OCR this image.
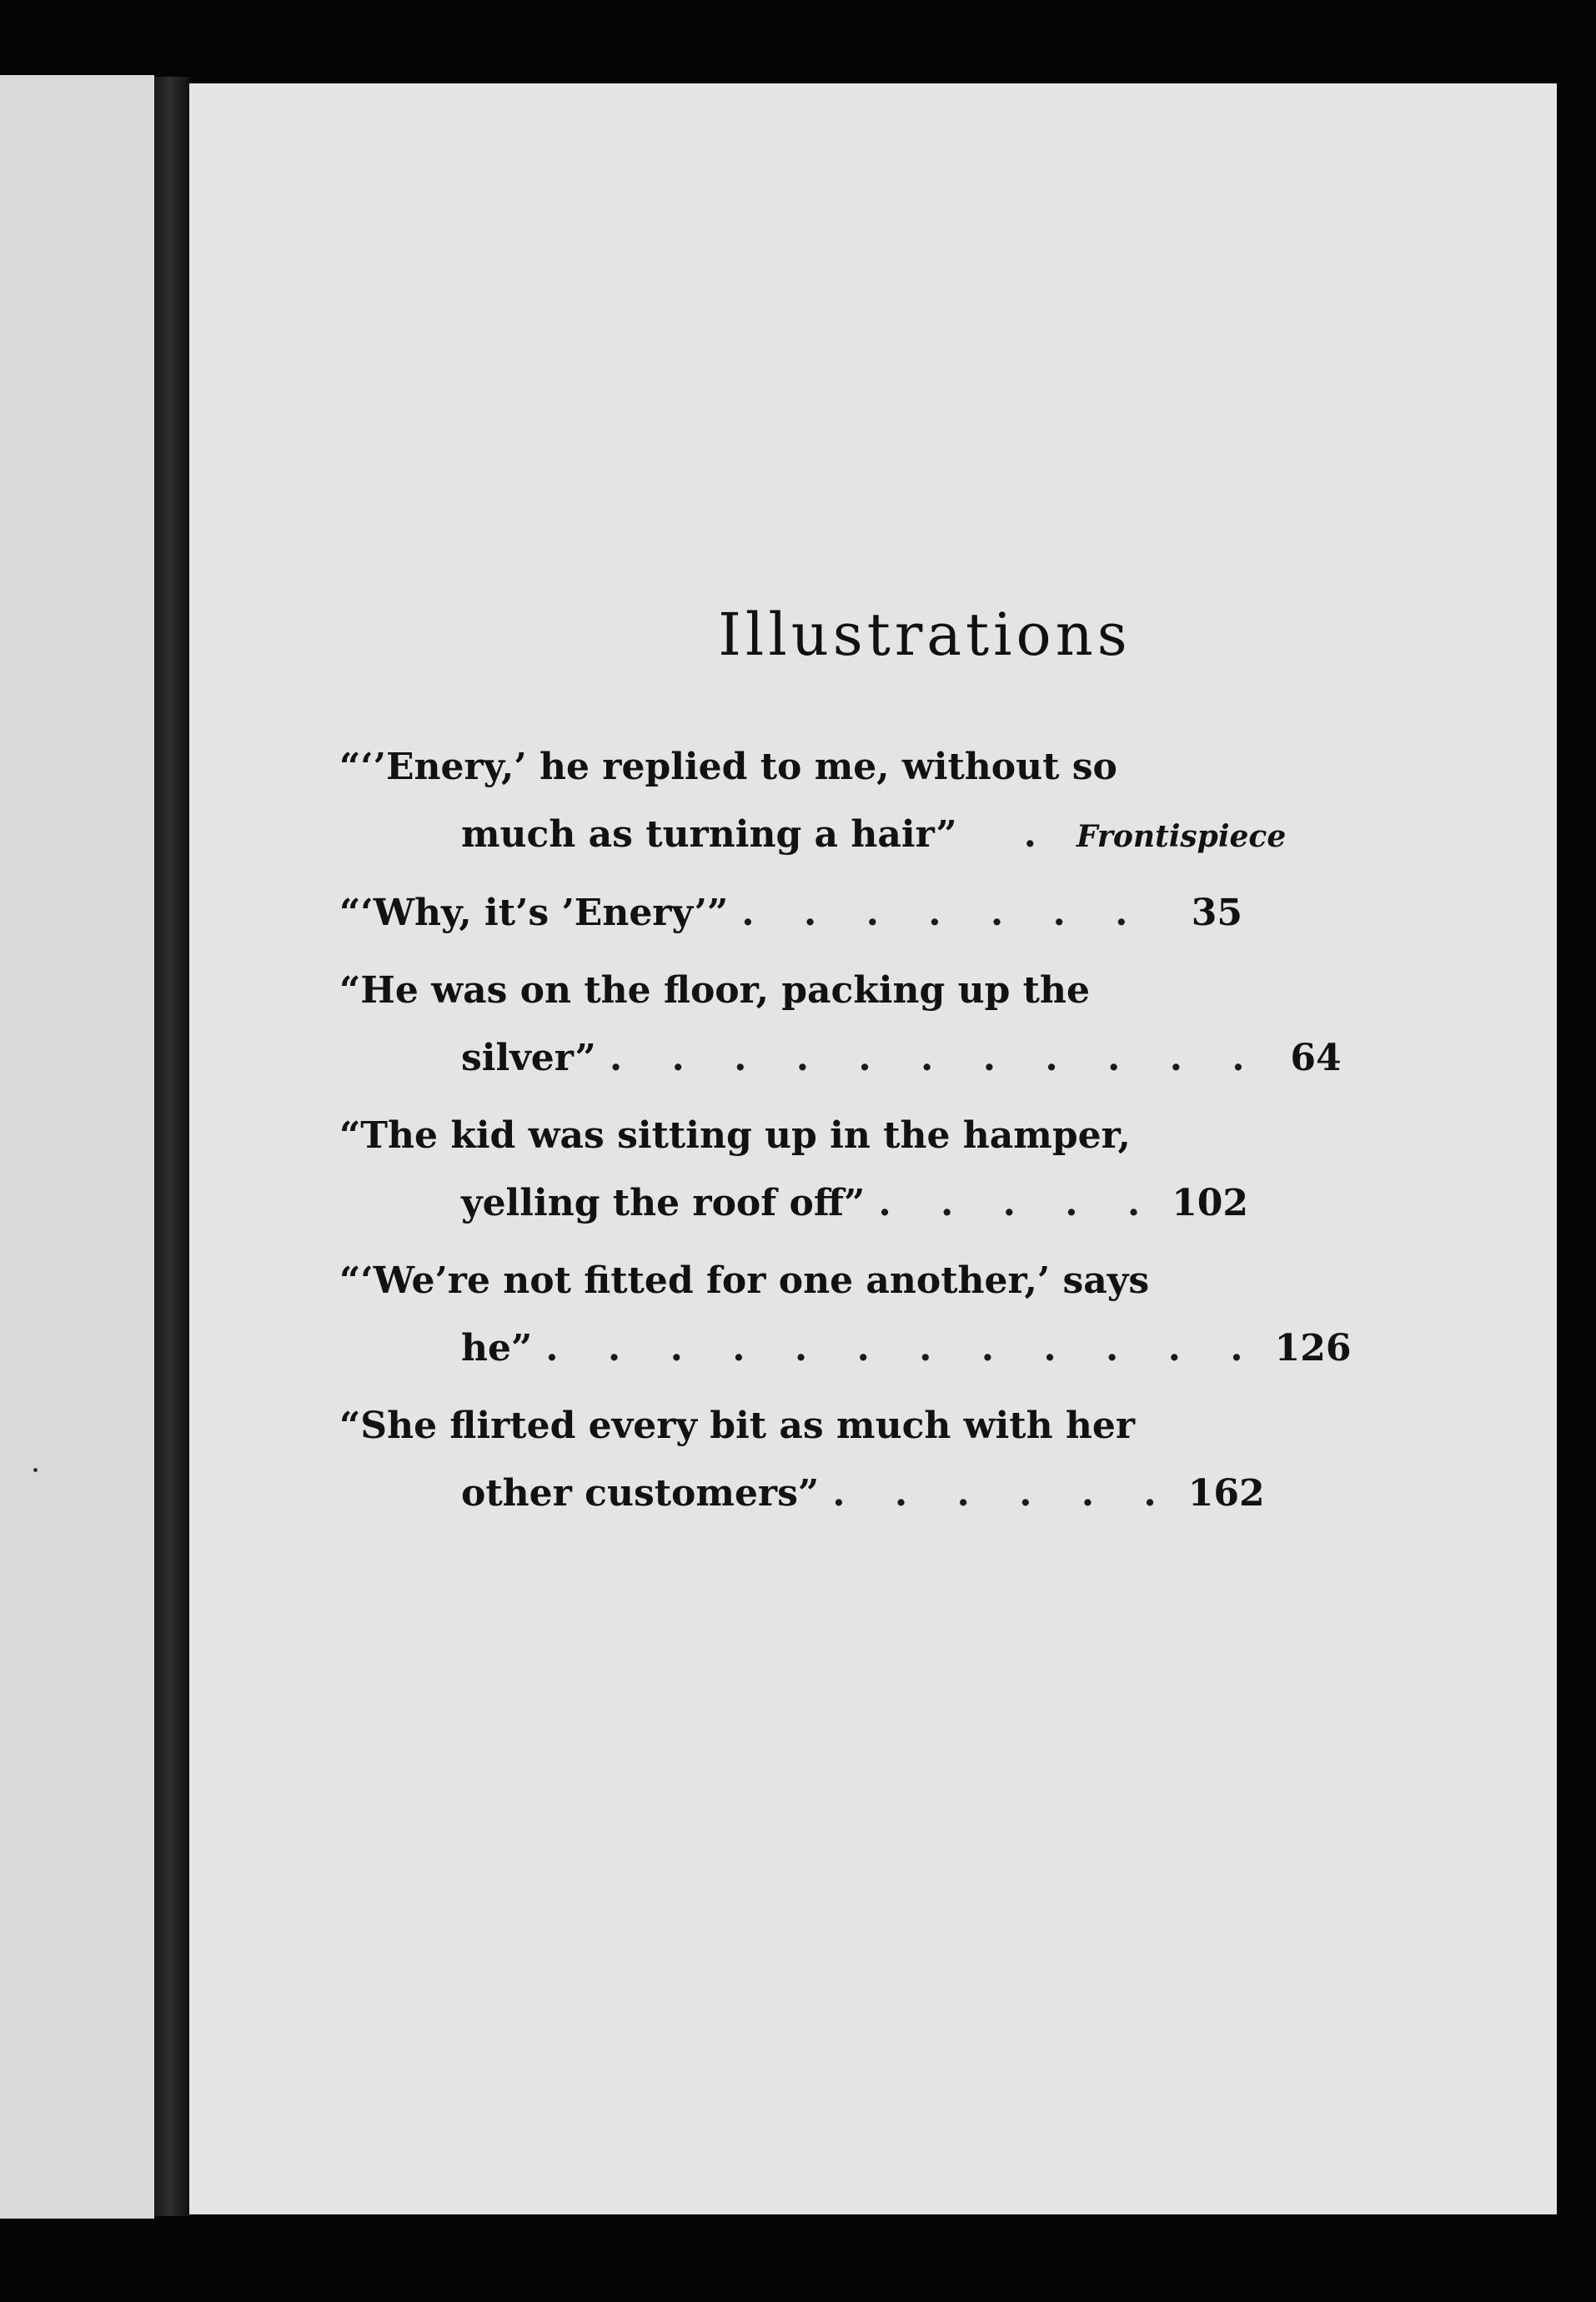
Illustrations
“‘’Enery,’ he replied to me, without so
much as turning a hair” . Frontispiece
“‘Why, it’s ’Enery’” . . . . . . .	35
“He was on the floor, packing up the
silver” . . . . . . . . . . . 64
“The kid was sitting up in the hamper,
yelling the roof off” . . . . . 102
“‘We’re not fitted for one another,’ says
he” . . . . . . . . . . . . 126
“She flirted every bit as much with her
other customers” . . . . . . 162
